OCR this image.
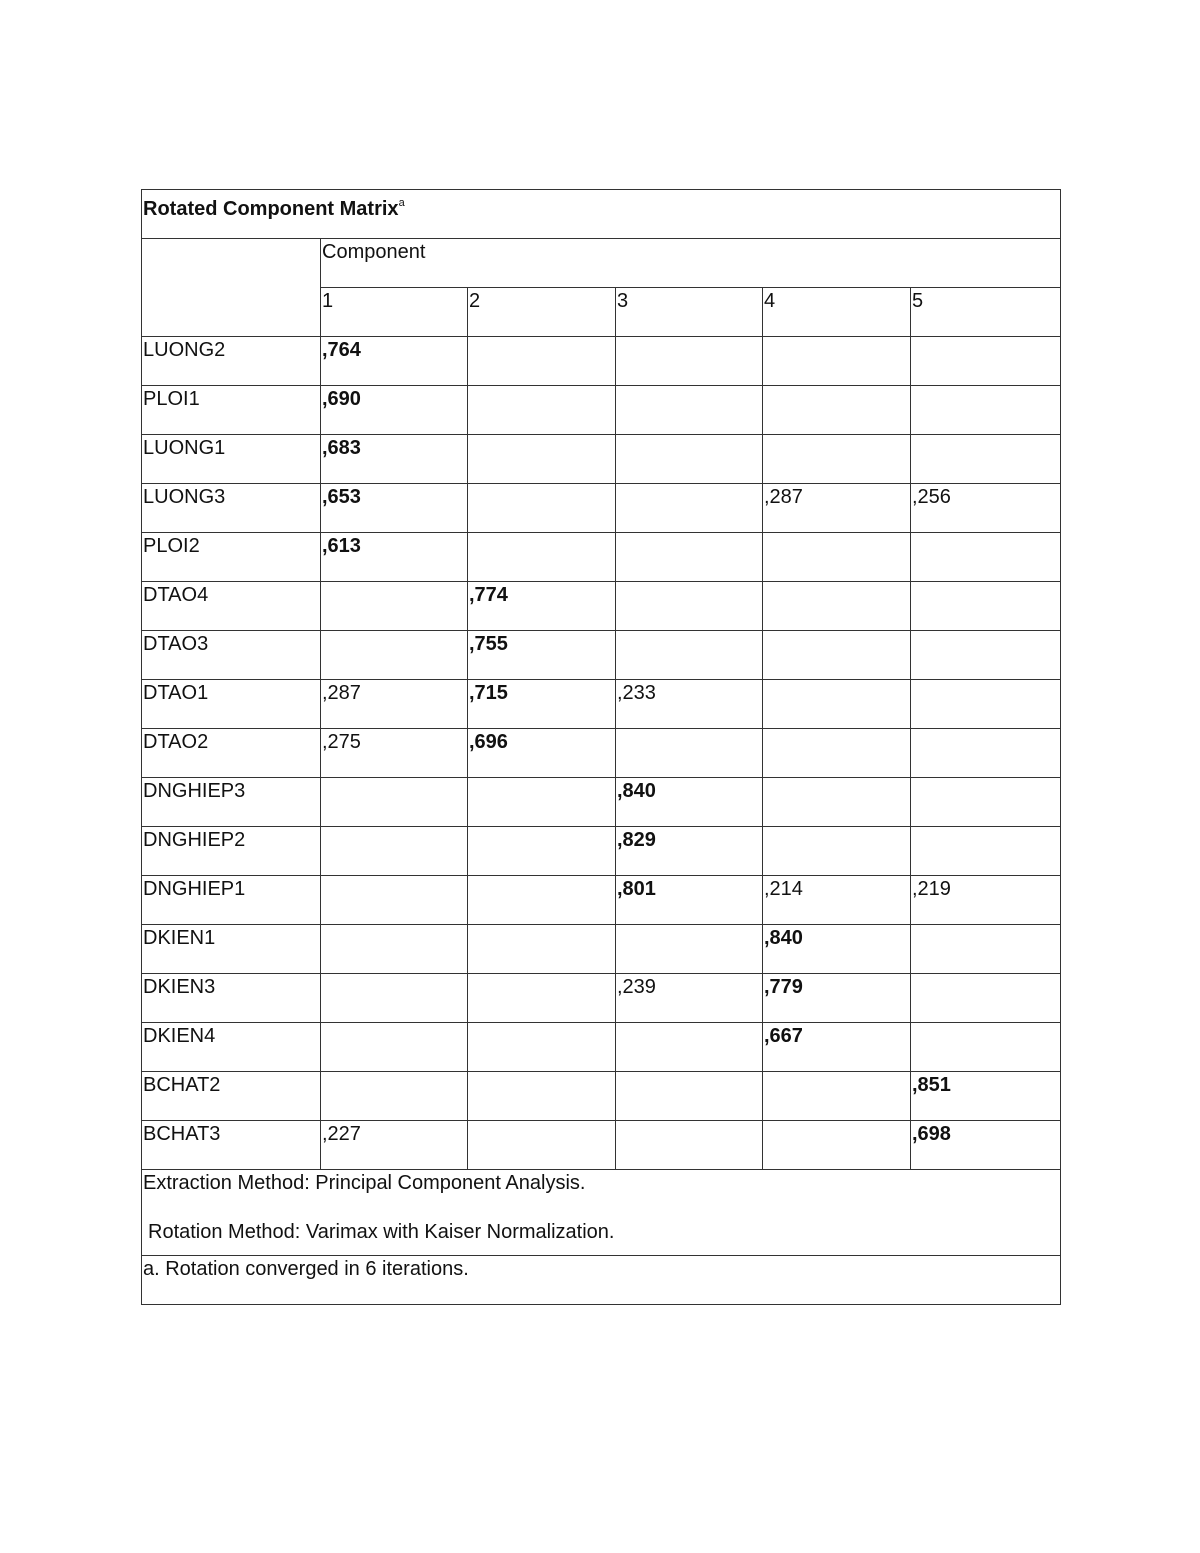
Rotated Component Matrix$^a$
	Component				
	1	2	3	4	5
LUONG2	,764				
PLOI1	,690				
LUONG1	,683				
LUONG3	,653			,287	,256
PLOI2	,613				
DTAO4		,774			
DTAO3		,755			
DTAO1	,287	,715	,233		
DTAO2	,275	,696			
DNGHIEP3			,840		
DNGHIEP2			,829		
DNGHIEP1			,801	,214	,219
DKIEN1				,840	
DKIEN3			,239	,779	
DKIEN4				,667	
BCHAT2					,851
BCHAT3	,227				,698

Extraction Method: Principal Component Analysis.
Rotation Method: Varimax with Kaiser Normalization.					

a. Rotation converged in 6 iterations.					
